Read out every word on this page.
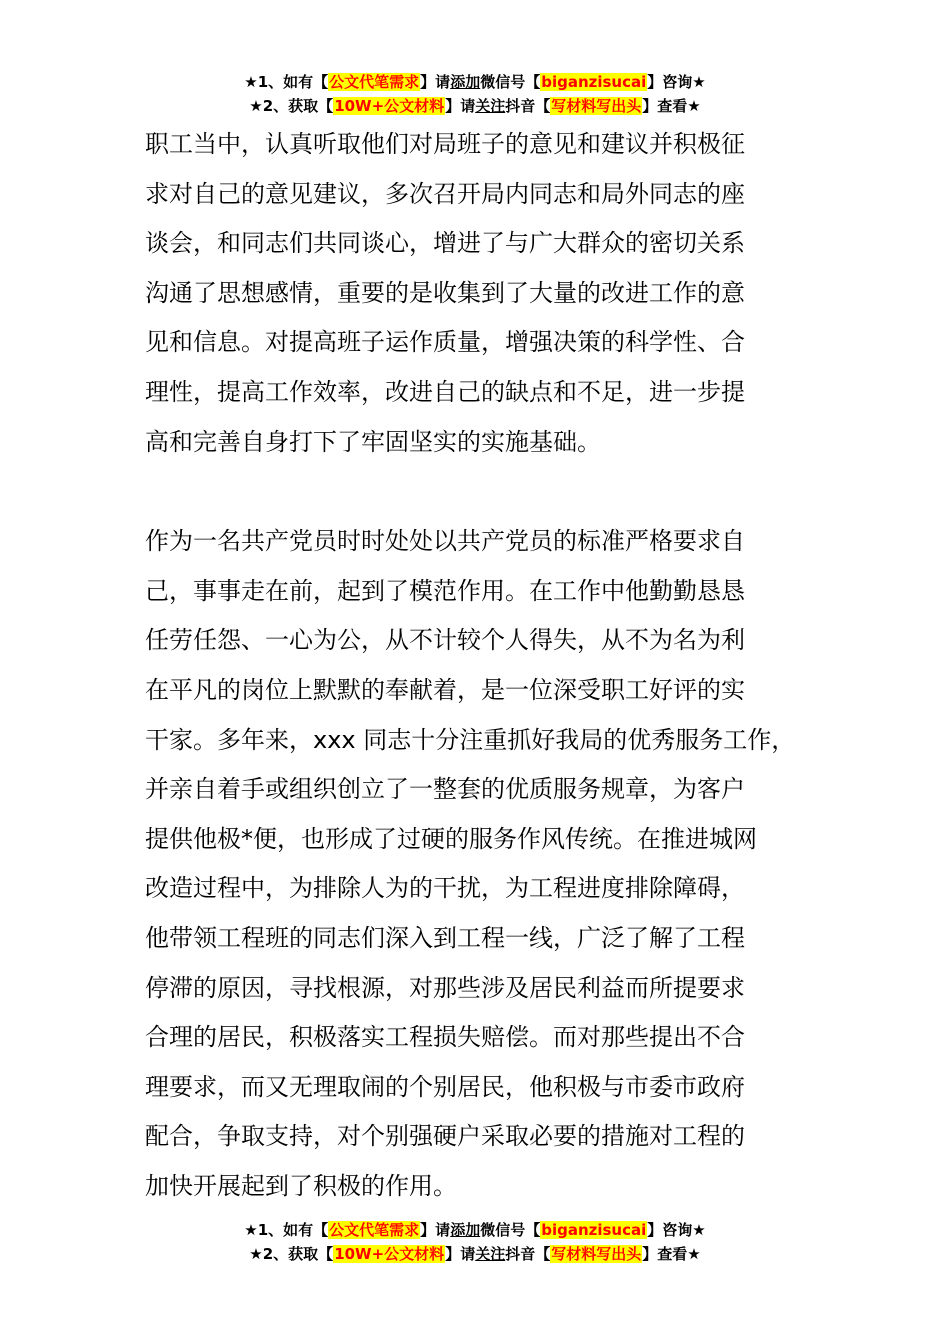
★1、如有【公文代笔需求】请添加微信号【biganzisucai】咨询★
★2、获取【10W+公文材料】请关注抖音【写材料写出头】查看★
职工当中，认真听取他们对局班子的意见和建议并积极征
求对自己的意见建议，多次召开局内同志和局外同志的座
谈会，和同志们共同谈心，增进了与广大群众的密切关系
沟通了思想感情，重要的是收集到了大量的改进工作的意
见和信息。对提高班子运作质量，增强决策的科学性、合
理性，提高工作效率，改进自己的缺点和不足，进一步提
高和完善自身打下了牢固坚实的实施基础。
作为一名共产党员时时处处以共产党员的标准严格要求自
己，事事走在前，起到了模范作用。在工作中他勤勤恳恳
任劳任怨、一心为公，从不计较个人得失，从不为名为利
在平凡的岗位上默默的奉献着，是一位深受职工好评的实
干家。多年来，xxx 同志十分注重抓好我局的优秀服务工作，
并亲自着手或组织创立了一整套的优质服务规章，为客户
提供他极*便，也形成了过硬的服务作风传统。在推进城网
改造过程中，为排除人为的干扰，为工程进度排除障碍，
他带领工程班的同志们深入到工程一线，广泛了解了工程
停滞的原因，寻找根源，对那些涉及居民利益而所提要求
合理的居民，积极落实工程损失赔偿。而对那些提出不合
理要求，而又无理取闹的个别居民，他积极与市委市政府
配合，争取支持，对个别强硬户采取必要的措施对工程的
加快开展起到了积极的作用。
★1、如有【公文代笔需求】请添加微信号【biganzisucai】咨询★
★2、获取【10W+公文材料】请关注抖音【写材料写出头】查看★
